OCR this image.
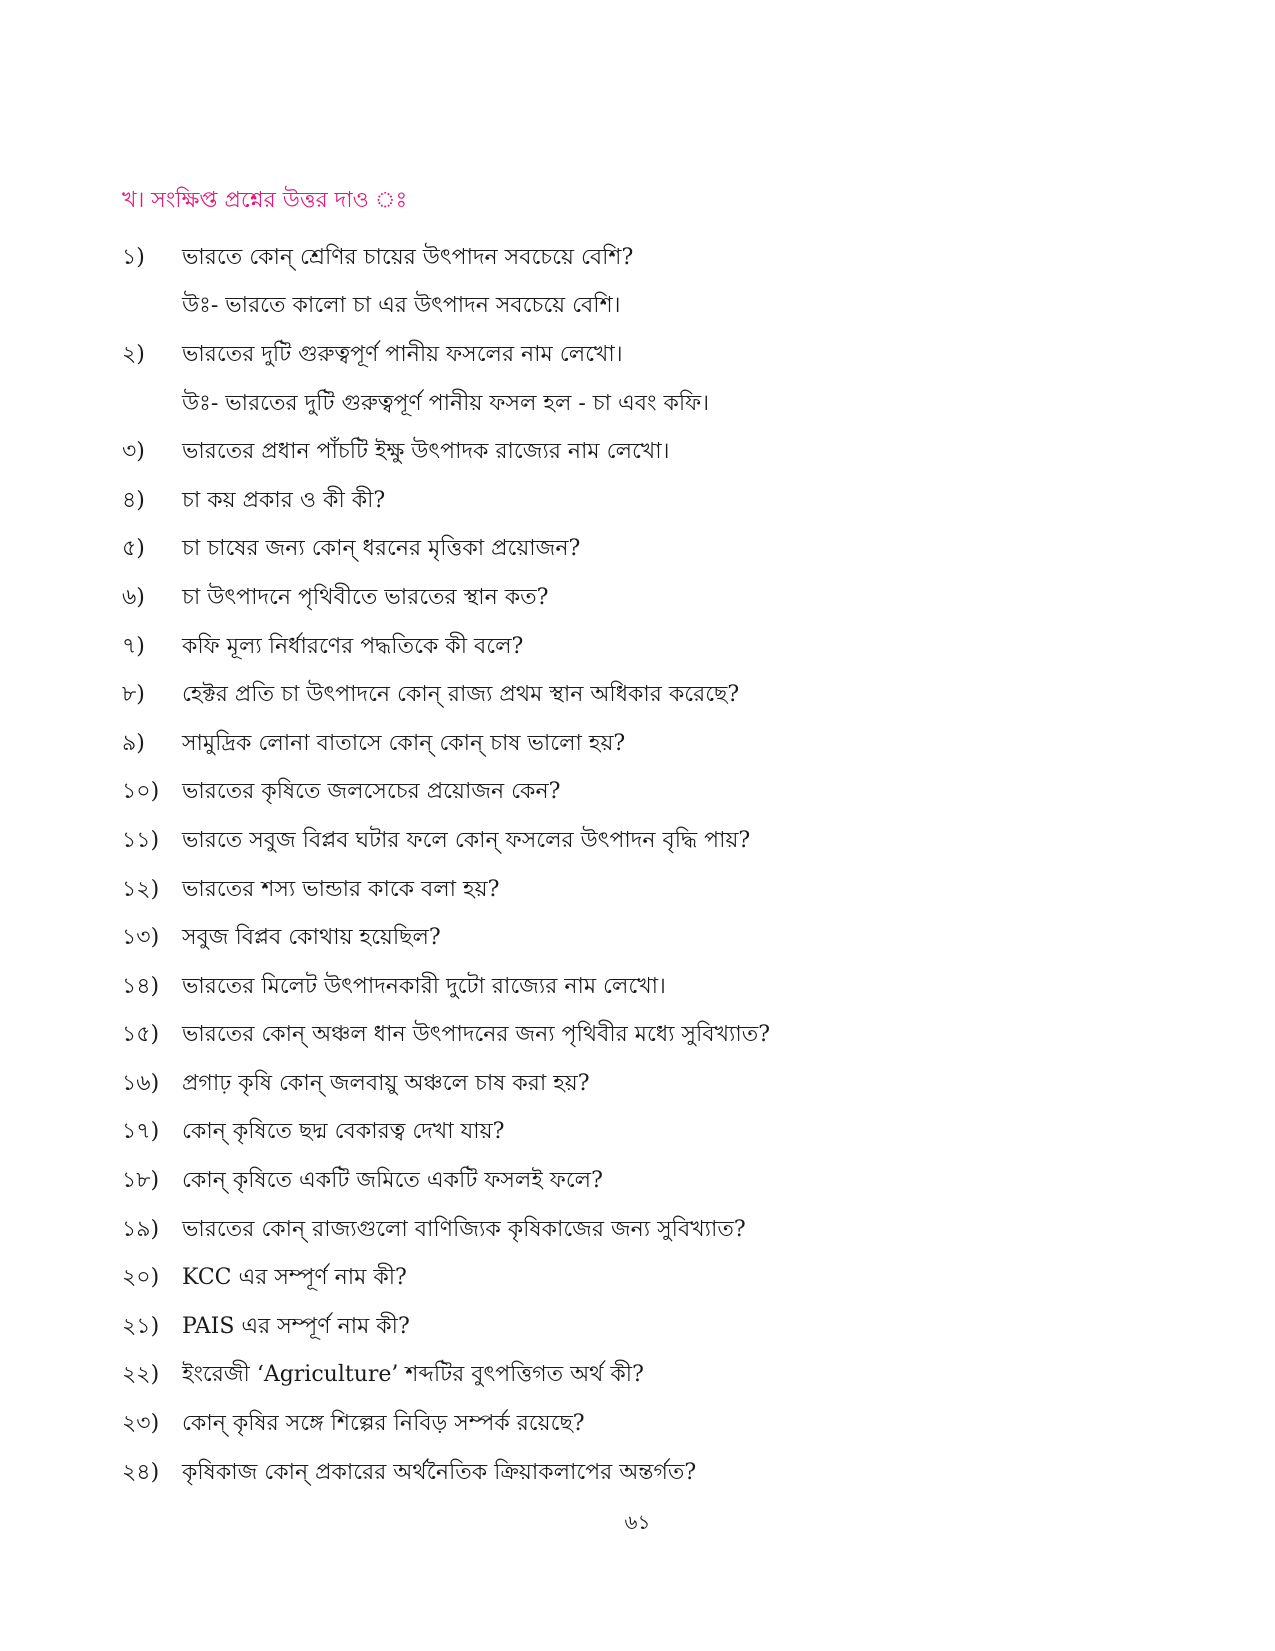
খ। সংক্ষিপ্ত প্রশ্নের উত্তর দাও ঃ
১)	ভারতে কোন্ শ্রেণির চায়ের উৎপাদন সবচেয়ে বেশি?
উঃ- ভারতে কালো চা এর উৎপাদন সবচেয়ে বেশি।
২)	ভারতের দুটি গুরুত্বপূর্ণ পানীয় ফসলের নাম লেখো।
উঃ- ভারতের দুটি গুরুত্বপূর্ণ পানীয় ফসল হল - চা এবং কফি।
৩)	ভারতের প্রধান পাঁচটি ইক্ষু উৎপাদক রাজ্যের নাম লেখো।
৪)	চা কয় প্রকার ও কী কী?
৫)	চা চাষের জন্য কোন্ ধরনের মৃত্তিকা প্রয়োজন?
৬)	চা উৎপাদনে পৃথিবীতে ভারতের স্থান কত?
৭)	কফি মূল্য নির্ধারণের পদ্ধতিকে কী বলে?
৮)	হেক্টর প্রতি চা উৎপাদনে কোন্ রাজ্য প্রথম স্থান অধিকার করেছে?
৯)	সামুদ্রিক লোনা বাতাসে কোন্ কোন্ চাষ ভালো হয়?
১০)	ভারতের কৃষিতে জলসেচের প্রয়োজন কেন?
১১)	ভারতে সবুজ বিপ্লব ঘটার ফলে কোন্ ফসলের উৎপাদন বৃদ্ধি পায়?
১২)	ভারতের শস্য ভান্ডার কাকে বলা হয়?
১৩)	সবুজ বিপ্লব কোথায় হয়েছিল?
১৪)	ভারতের মিলেট উৎপাদনকারী দুটো রাজ্যের নাম লেখো।
১৫)	ভারতের কোন্ অঞ্চল ধান উৎপাদনের জন্য পৃথিবীর মধ্যে সুবিখ্যাত?
১৬)	প্রগাঢ় কৃষি কোন্ জলবায়ু অঞ্চলে চাষ করা হয়?
১৭)	কোন্ কৃষিতে ছদ্ম বেকারত্ব দেখা যায়?
১৮)	কোন্ কৃষিতে একটি জমিতে একটি ফসলই ফলে?
১৯)	ভারতের কোন্ রাজ্যগুলো বাণিজ্যিক কৃষিকাজের জন্য সুবিখ্যাত?
২০)	KCC এর সম্পূর্ণ নাম কী?
২১)	PAIS এর সম্পূর্ণ নাম কী?
২২)	ইংরেজী ‘Agriculture’ শব্দটির বুৎপত্তিগত অর্থ কী?
২৩)	কোন্ কৃষির সঙ্গে শিল্পের নিবিড় সম্পর্ক রয়েছে?
২৪)	কৃষিকাজ কোন্ প্রকারের অর্থনৈতিক ক্রিয়াকলাপের অন্তর্গত?
৬১
